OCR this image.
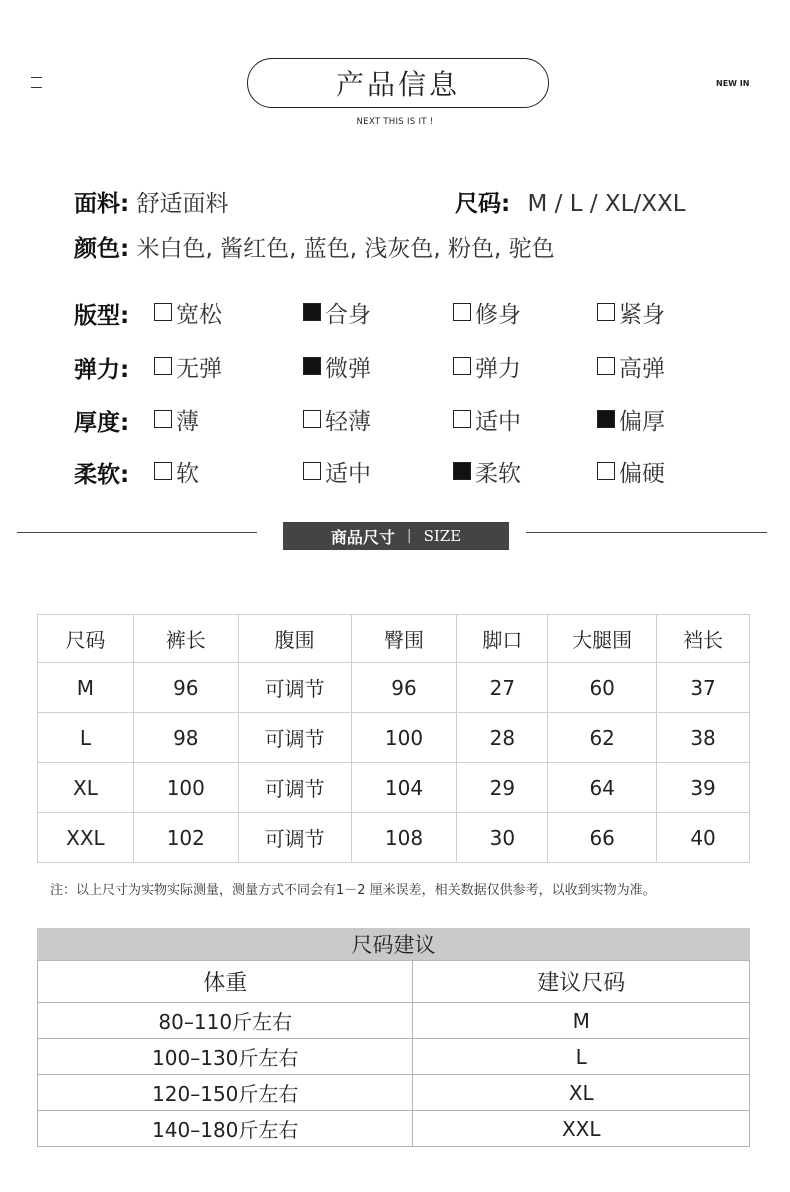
产品信息
NEXT THIS IS IT !
NEW IN
面料: 舒适面料	尺码: M / L / XL/XXL
颜色: 米白色, 酱红色, 蓝色, 浅灰色, 粉色, 驼色
版型: 宽松	合身	修身	紧身
弹力: 无弹	微弹	弹力	高弹
厚度: 薄	轻薄	适中	偏厚
柔软: 软	适中	柔软	偏硬
商品尺寸 | SIZE
尺码	裤长	腹围	臀围	脚口	大腿围	裆长
M	96	可调节	96	27	60	37
L	98	可调节	100	28	62	38
XL	100	可调节	104	29	64	39
XXL	102	可调节	108	30	66	40
注：以上尺寸为实物实际测量，测量方式不同会有1－2 厘米误差，相关数据仅供参考，以收到实物为准。
尺码建议
体重	建议尺码
80–110斤左右	M
100–130斤左右	L
120–150斤左右	XL
140–180斤左右	XXL
